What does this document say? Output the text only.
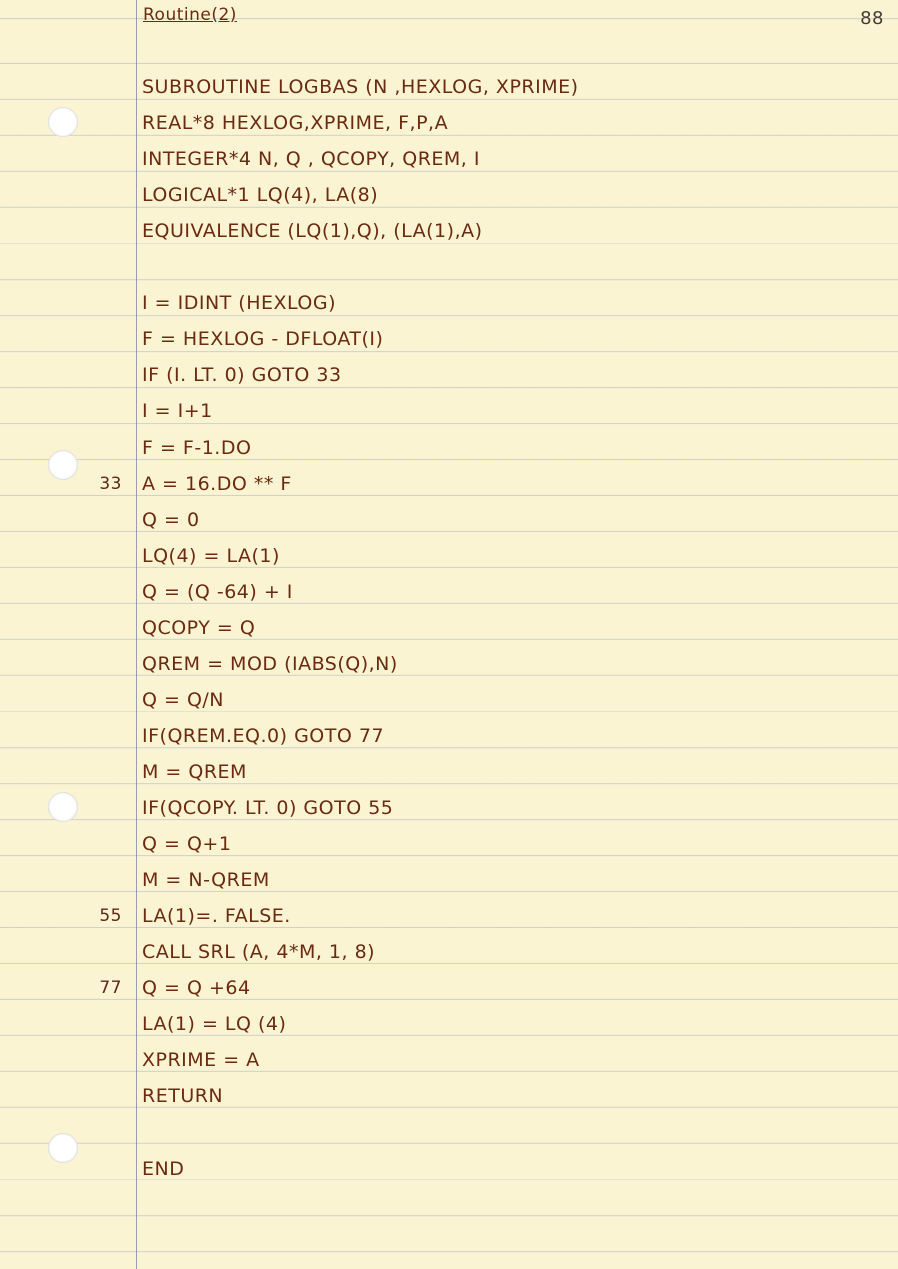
Routine(2)	88
SUBROUTINE LOGBAS (N ,HEXLOG, XPRIME)
REAL*8 HEXLOG,XPRIME, F,P,A
INTEGER*4 N, Q , QCOPY, QREM, I
LOGICAL*1 LQ(4), LA(8)
EQUIVALENCE (LQ(1),Q), (LA(1),A)
I = IDINT (HEXLOG)
F = HEXLOG - DFLOAT(I)
IF (I. LT. 0) GOTO 33
I = I+1
F = F-1.DO
A = 16.DO ** F
33
Q = 0
LQ(4) = LA(1)
Q = (Q -64) + I
QCOPY = Q
QREM = MOD (IABS(Q),N)
Q = Q/N
IF(QREM.EQ.0) GOTO 77
M = QREM
IF(QCOPY. LT. 0) GOTO 55
Q = Q+1
M = N-QREM
LA(1)=. FALSE.
55
CALL SRL (A, 4*M, 1, 8)
Q = Q +64
77
LA(1) = LQ (4)
XPRIME = A
RETURN
END
